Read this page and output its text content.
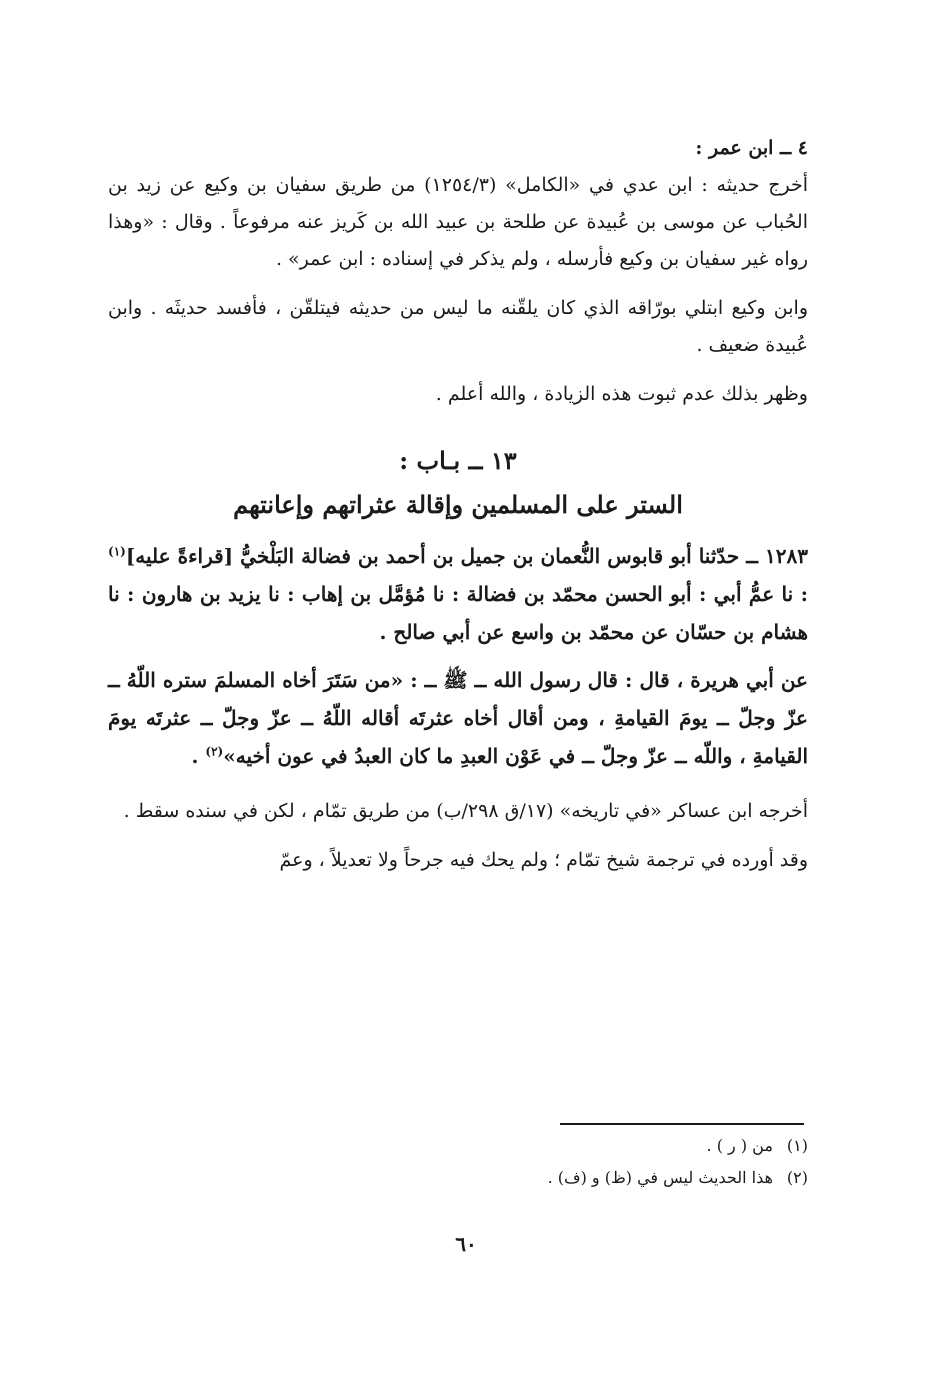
٤ ــ ابن عمر :

أخرج حديثه : ابن عدي في «الكامل» (١٢٥٤/٣) من طريق سفيان بن وكيع عن زيد بن الحُباب عن موسى بن عُبيدة عن طلحة بن عبيد الله بن كَريز عنه مرفوعاً . وقال : «وهذا رواه غير سفيان بن وكيع فأرسله ، ولم يذكر في إسناده : ابن عمر» .

وابن وكيع ابتلي بورّاقه الذي كان يلقّنه ما ليس من حديثه فيتلقّن ، فأفسد حديثَه . وابن عُبيدة ضعيف .

وظهر بذلك عدم ثبوت هذه الزيادة ، والله أعلم .

١٣ ــ بـاب :

الستر على المسلمين وإقالة عثراتهم وإعانتهم

١٢٨٣ ــ حدّثنا أبو قابوس النُّعمان بن جميل بن أحمد بن فضالة البَلْخيُّ [قراءةً عليه]$^{(١)}$ : نا عمُّ أبي : أبو الحسن محمّد بن فضالة : نا مُؤمَّل بن إهاب : نا يزيد بن هارون : نا هشام بن حسّان عن محمّد بن واسع عن أبي صالح .

عن أبي هريرة ، قال : قال رسول الله ــ ﷺ ــ : «من سَتَرَ أخاه المسلمَ ستره اللّهُ ــ عزّ وجلّ ــ يومَ القيامةِ ، ومن أقال أخاه عثرتَه أقاله اللّهُ ــ عزّ وجلّ ــ عثرتَه يومَ القيامةِ ، واللّه ــ عزّ وجلّ ــ في عَوْن العبدِ ما كان العبدُ في عون أخيه»$^{(٢)}$ .

أخرجه ابن عساكر «في تاريخه» (١٧/ق ٢٩٨/ب) من طريق تمّام ، لكن في سنده سقط .

وقد أورده في ترجمة شيخ تمّام ؛ ولم يحك فيه جرحاً ولا تعديلاً ، وعمّ

(١)من ( ر ) .

(٢)هذا الحديث ليس في (ظ) و (ف) .

٦٠
